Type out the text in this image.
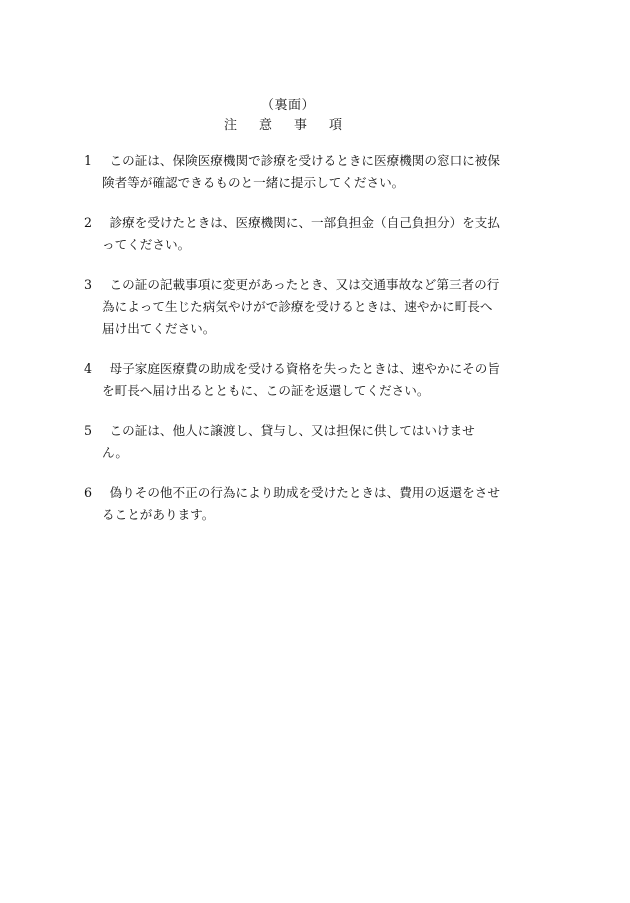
（裏面）
注 意 事 項
1	この証は、保険医療機関で診療を受けるときに医療機関の窓口に被保険者等が確認できるものと一緒に提示してください。
2	診療を受けたときは、医療機関に、一部負担金（自己負担分）を支払ってください。
3	この証の記載事項に変更があったとき、又は交通事故など第三者の行為によって生じた病気やけがで診療を受けるときは、速やかに町長へ届け出てください。
4	母子家庭医療費の助成を受ける資格を失ったときは、速やかにその旨を町長へ届け出るとともに、この証を返還してください。
5	この証は、他人に譲渡し、貸与し、又は担保に供してはいけません。
6	偽りその他不正の行為により助成を受けたときは、費用の返還をさせることがあります。
